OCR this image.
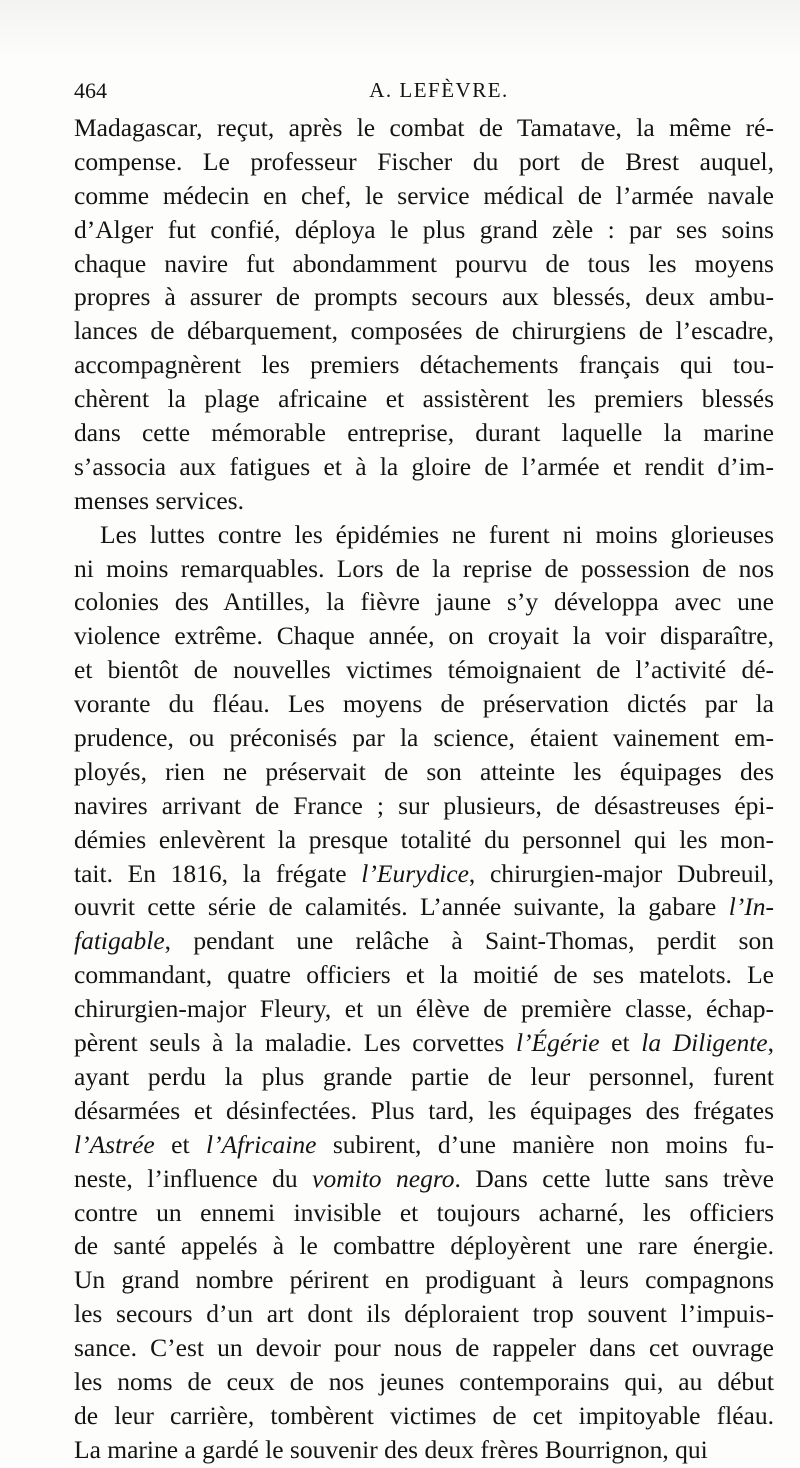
464	A. LEFÈVRE.

Madagascar, reçut, après le combat de Tamatave, la même ré-
compense. Le professeur Fischer du port de Brest auquel,
comme médecin en chef, le service médical de l’armée navale
d’Alger fut confié, déploya le plus grand zèle : par ses soins
chaque navire fut abondamment pourvu de tous les moyens
propres à assurer de prompts secours aux blessés, deux ambu-
lances de débarquement, composées de chirurgiens de l’escadre,
accompagnèrent les premiers détachements français qui tou-
chèrent la plage africaine et assistèrent les premiers blessés
dans cette mémorable entreprise, durant laquelle la marine
s’associa aux fatigues et à la gloire de l’armée et rendit d’im-
menses services.

Les luttes contre les épidémies ne furent ni moins glorieuses
ni moins remarquables. Lors de la reprise de possession de nos
colonies des Antilles, la fièvre jaune s’y développa avec une
violence extrême. Chaque année, on croyait la voir disparaître,
et bientôt de nouvelles victimes témoignaient de l’activité dé-
vorante du fléau. Les moyens de préservation dictés par la
prudence, ou préconisés par la science, étaient vainement em-
ployés, rien ne préservait de son atteinte les équipages des
navires arrivant de France ; sur plusieurs, de désastreuses épi-
démies enlevèrent la presque totalité du personnel qui les mon-
tait. En 1816, la frégate l’Eurydice, chirurgien-major Dubreuil,
ouvrit cette série de calamités. L’année suivante, la gabare l’In-
fatigable, pendant une relâche à Saint-Thomas, perdit son
commandant, quatre officiers et la moitié de ses matelots. Le
chirurgien-major Fleury, et un élève de première classe, échap-
pèrent seuls à la maladie. Les corvettes l’Égérie et la Diligente,
ayant perdu la plus grande partie de leur personnel, furent
désarmées et désinfectées. Plus tard, les équipages des frégates
l’Astrée et l’Africaine subirent, d’une manière non moins fu-
neste, l’influence du vomito negro. Dans cette lutte sans trève
contre un ennemi invisible et toujours acharné, les officiers
de santé appelés à le combattre déployèrent une rare énergie.
Un grand nombre périrent en prodiguant à leurs compagnons
les secours d’un art dont ils déploraient trop souvent l’impuis-
sance. C’est un devoir pour nous de rappeler dans cet ouvrage
les noms de ceux de nos jeunes contemporains qui, au début
de leur carrière, tombèrent victimes de cet impitoyable fléau.
La marine a gardé le souvenir des deux frères Bourrignon, qui
